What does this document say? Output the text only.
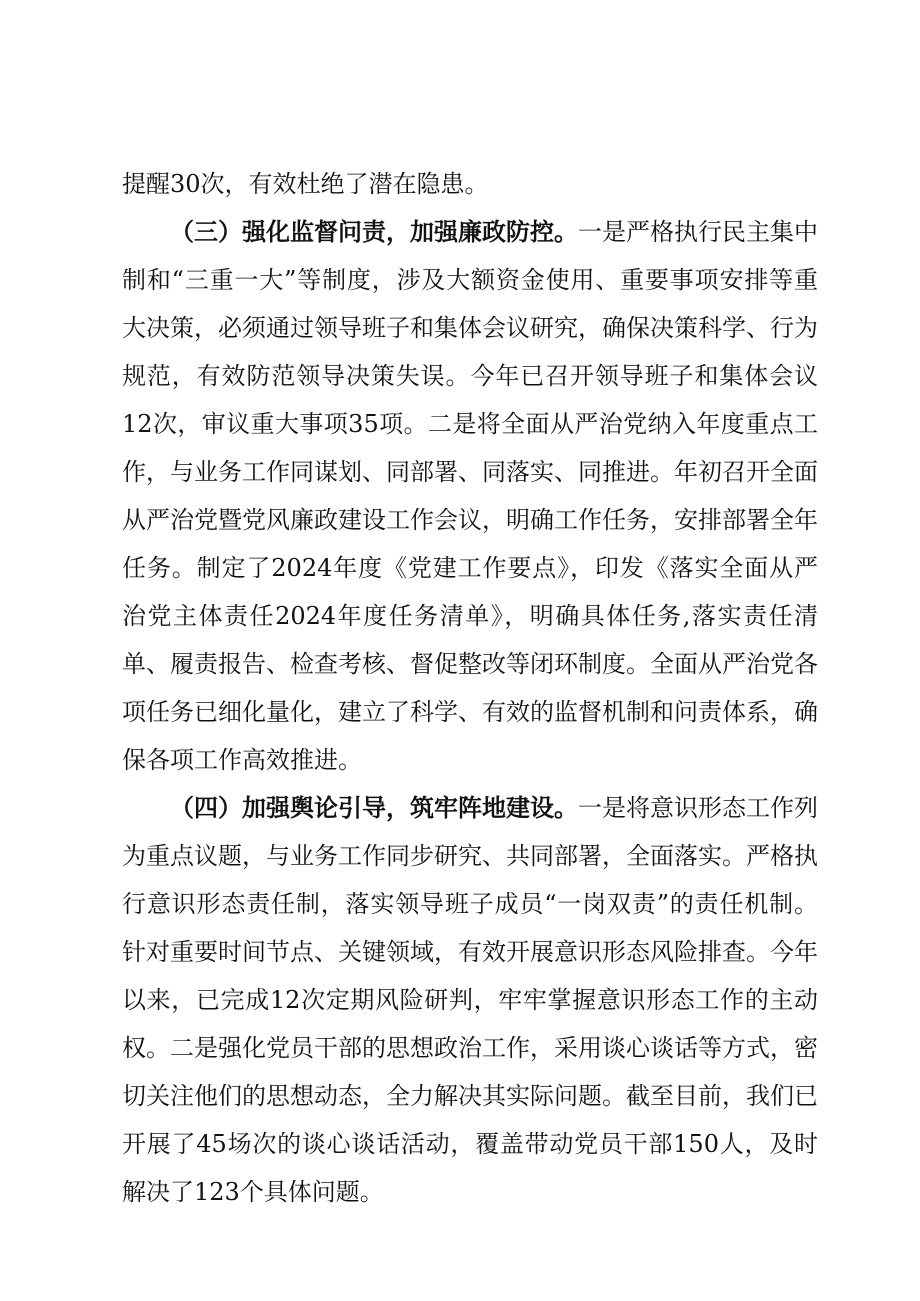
提醒30次，有效杜绝了潜在隐患。

（三）强化监督问责，加强廉政防控。一是严格执行民主集中制和“三重一大”等制度，涉及大额资金使用、重要事项安排等重大决策，必须通过领导班子和集体会议研究，确保决策科学、行为规范，有效防范领导决策失误。今年已召开领导班子和集体会议12次，审议重大事项35项。二是将全面从严治党纳入年度重点工作，与业务工作同谋划、同部署、同落实、同推进。年初召开全面从严治党暨党风廉政建设工作会议，明确工作任务，安排部署全年任务。制定了2024年度《党建工作要点》，印发《落实全面从严治党主体责任2024年度任务清单》，明确具体任务,落实责任清单、履责报告、检查考核、督促整改等闭环制度。全面从严治党各项任务已细化量化，建立了科学、有效的监督机制和问责体系，确保各项工作高效推进。

（四）加强舆论引导，筑牢阵地建设。一是将意识形态工作列为重点议题，与业务工作同步研究、共同部署，全面落实。严格执行意识形态责任制，落实领导班子成员“一岗双责”的责任机制。针对重要时间节点、关键领域，有效开展意识形态风险排查。今年以来，已完成12次定期风险研判，牢牢掌握意识形态工作的主动权。二是强化党员干部的思想政治工作，采用谈心谈话等方式，密切关注他们的思想动态，全力解决其实际问题。截至目前，我们已开展了45场次的谈心谈话活动，覆盖带动党员干部150人，及时解决了123个具体问题。
